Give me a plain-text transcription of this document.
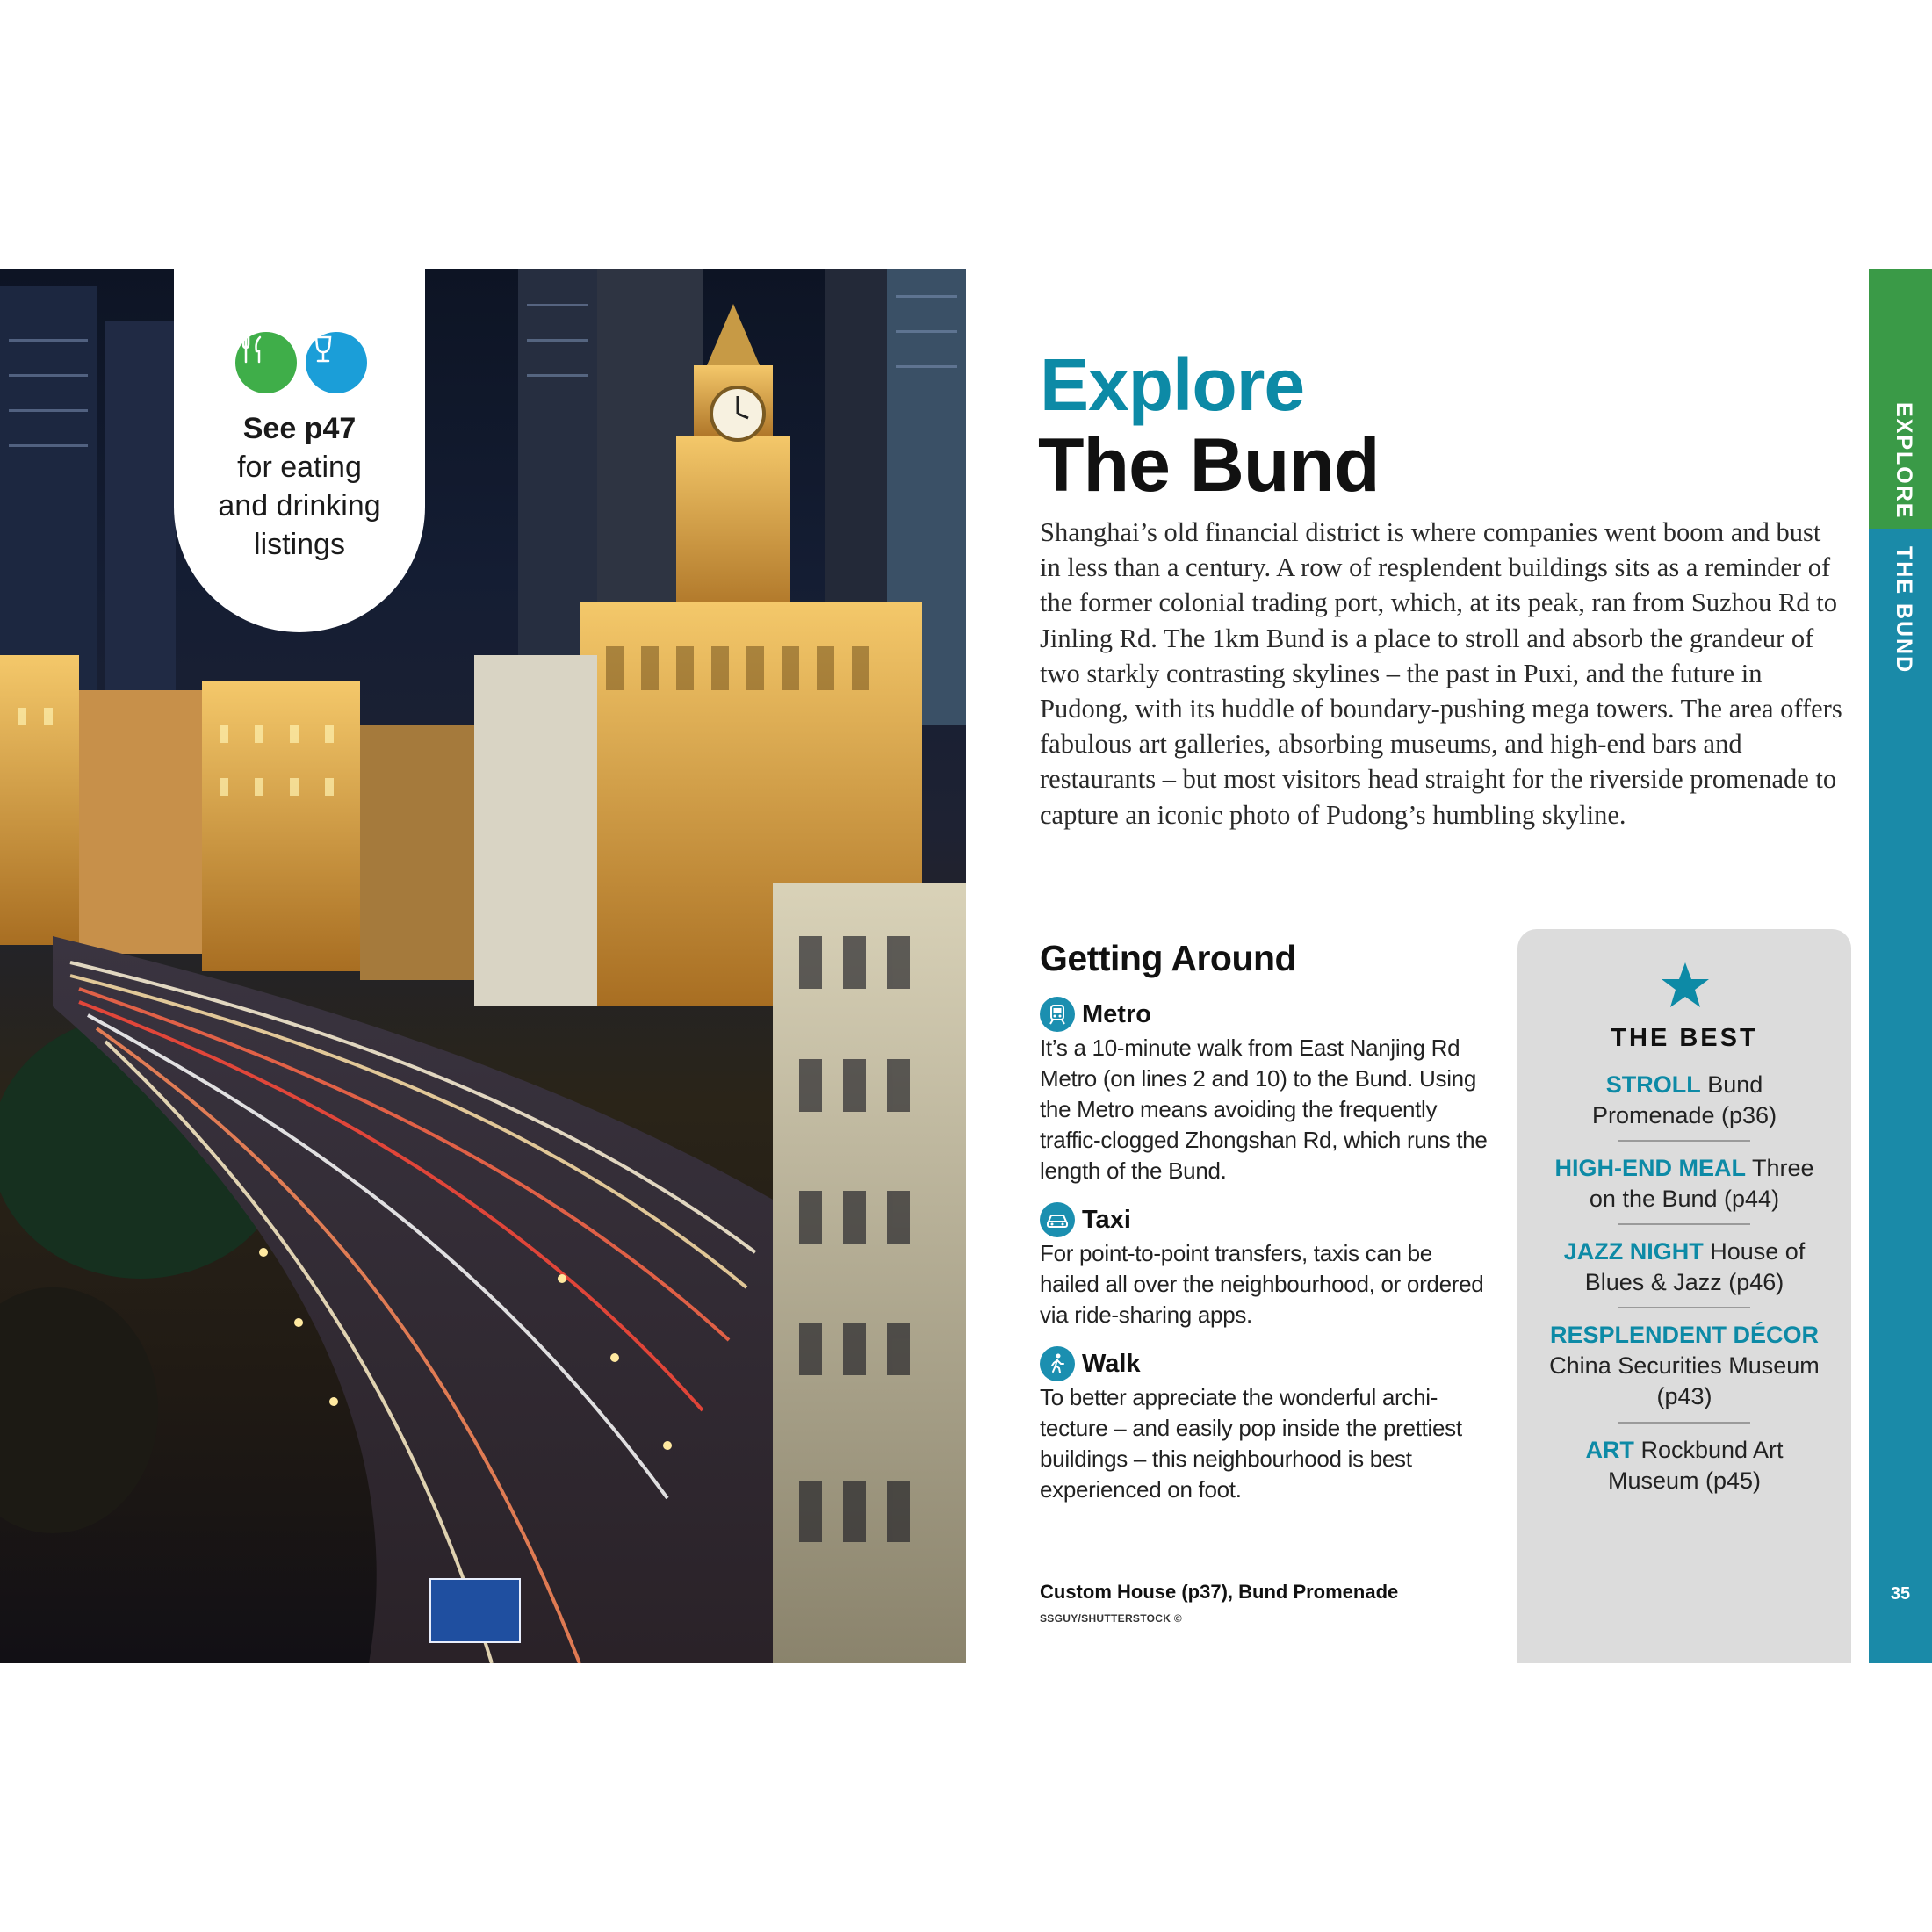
See p47
for eating and drinking listings
Explore
The Bund

Shanghai’s old financial district is where companies went boom and bust in less than a century. A row of resplendent buildings sits as a reminder of the former colonial trading port, which, at its peak, ran from Suzhou Rd to Jinling Rd. The 1km Bund is a place to stroll and absorb the grandeur of two starkly contrasting skylines – the past in Puxi, and the future in Pudong, with its huddle of boundary-pushing mega towers. The area offers fabulous art galleries, absorbing museums, and high-end bars and restaurants – but most visitors head straight for the riverside promenade to capture an iconic photo of Pudong’s humbling skyline.

Getting Around
Metro
It’s a 10-minute walk from East Nanjing Rd Metro (on lines 2 and 10) to the Bund. Using the Metro means avoiding the frequently traffic-clogged Zhongshan Rd, which runs the length of the Bund.
Taxi
For point-to-point transfers, taxis can be hailed all over the neighbourhood, or ordered via ride-sharing apps.
Walk
To better appreciate the wonderful archi-tecture – and easily pop inside the prettiest buildings – this neighbourhood is best experienced on foot.
Custom House (p37), Bund Promenade
SSGUY/SHUTTERSTOCK ©
THE BEST
STROLL Bund Promenade (p36)
HIGH-END MEAL Three on the Bund (p44)
JAZZ NIGHT House of Blues & Jazz (p46)
RESPLENDENT DÉCOR
China Securities Museum (p43)
ART Rockbund Art Museum (p45)
EXPLORE
THE BUND
35
